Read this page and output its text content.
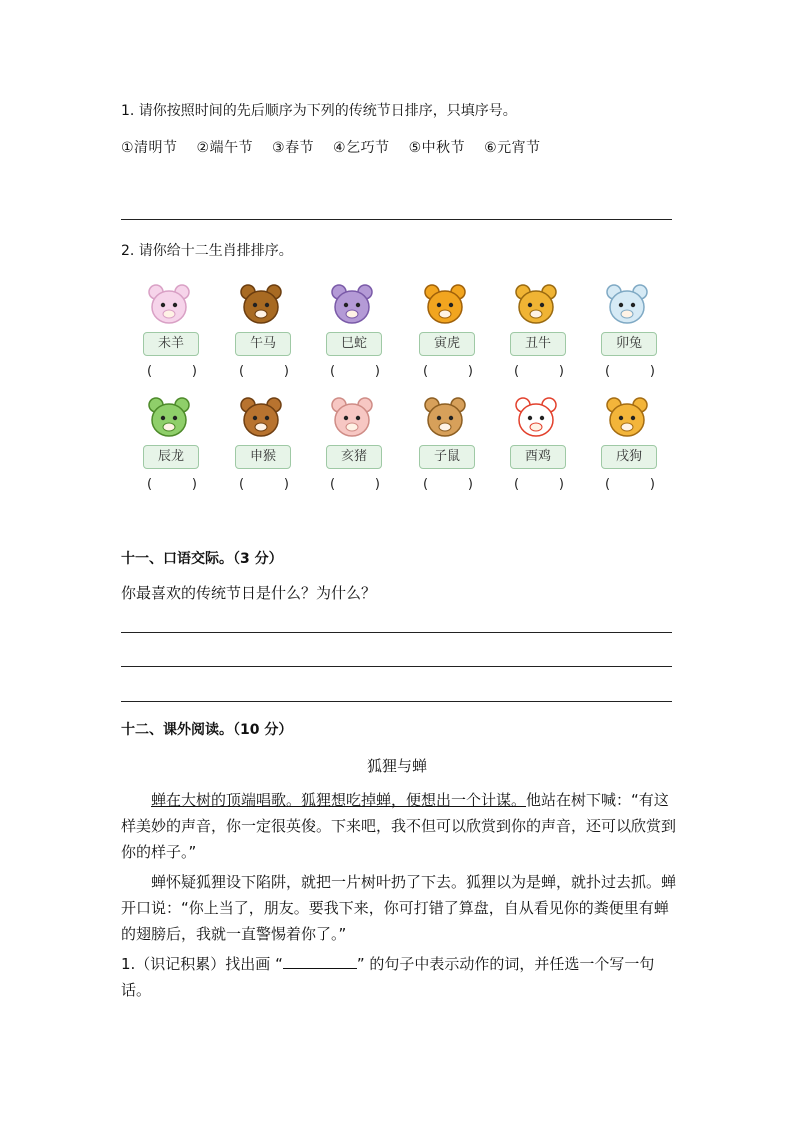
1. 请你按照时间的先后顺序为下列的传统节日排序，只填序号。
①清明节 ②端午节 ③春节 ④乞巧节 ⑤中秋节 ⑥元宵节
2. 请你给十二生肖排排序。
未羊
(	)
午马
(	)
巳蛇
(	)
寅虎
(	)
丑牛
(	)
卯兔
(	)
辰龙
(	)
申猴
(	)
亥猪
(	)
子鼠
(	)
酉鸡
(	)
戌狗
(	)
十一、口语交际。（3 分）
你最喜欢的传统节日是什么？为什么？
十二、课外阅读。（10 分）
狐狸与蝉
蝉在大树的顶端唱歌。狐狸想吃掉蝉，便想出一个计谋。他站在树下喊：“有这样美妙的声音，你一定很英俊。下来吧，我不但可以欣赏到你的声音，还可以欣赏到你的样子。”
蝉怀疑狐狸设下陷阱，就把一片树叶扔了下去。狐狸以为是蝉，就扑过去抓。蝉开口说：“你上当了，朋友。要我下来，你可打错了算盘，自从看见你的粪便里有蝉的翅膀后，我就一直警惕着你了。”
1.（识记积累）找出画 “	” 的句子中表示动作的词，并任选一个写一句话。
